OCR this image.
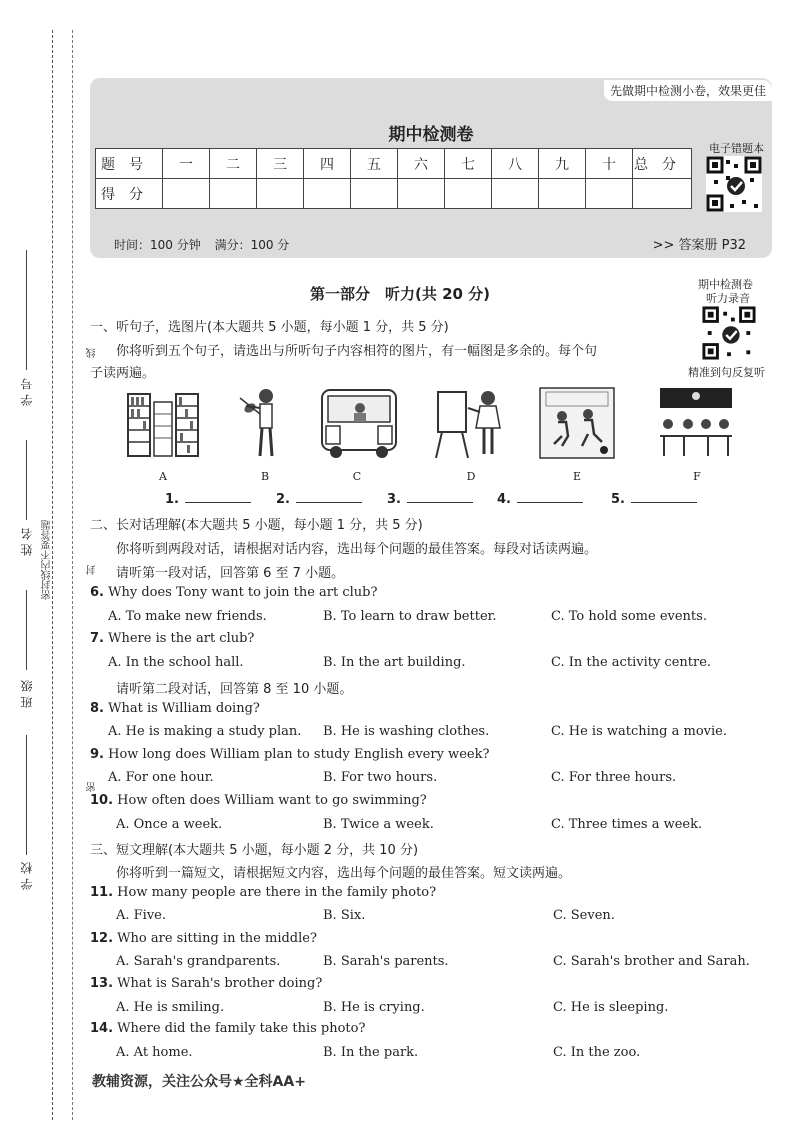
学 号
姓 名
班 级
学 校
密封线内不要答题
线
封
密
期中检测卷
题号	一	二	三	四	五	六	七	八	九	十	总分
得分											
电子错题本
时间：100 分钟 满分：100 分	>> 答案册 P32
先做期中检测小卷，效果更佳
第一部分　听力(共 20 分)
期中检测卷
听力录音
精准到句反复听
一、听句子，选图片(本大题共 5 小题，每小题 1 分，共 5 分)
你将听到五个句子，请选出与所听句子内容相符的图片，有一幅图是多余的。每个句
子读两遍。
A	B	C	D	E	F
1.	2.	3.	4.	5.
二、长对话理解(本大题共 5 小题，每小题 1 分，共 5 分)
你将听到两段对话，请根据对话内容，选出每个问题的最佳答案。每段对话读两遍。
请听第一段对话，回答第 6 至 7 小题。
6. Why does Tony want to join the art club?
A. To make new friends.	B. To learn to draw better.	C. To hold some events.
7. Where is the art club?
A. In the school hall.	B. In the art building.	C. In the activity centre.
请听第二段对话，回答第 8 至 10 小题。
8. What is William doing?
A. He is making a study plan. B. He is washing clothes.	C. He is watching a movie.
9. How long does William plan to study English every week?
A. For one hour.	B. For two hours.	C. For three hours.
10. How often does William want to go swimming?
A. Once a week.	B. Twice a week.	C. Three times a week.
三、短文理解(本大题共 5 小题，每小题 2 分，共 10 分)
你将听到一篇短文，请根据短文内容，选出每个问题的最佳答案。短文读两遍。
11. How many people are there in the family photo?
A. Five.	B. Six.	C. Seven.
12. Who are sitting in the middle?
A. Sarah's grandparents.	B. Sarah's parents.	C. Sarah's brother and Sarah.
13. What is Sarah's brother doing?
A. He is smiling.	B. He is crying.	C. He is sleeping.
14. Where did the family take this photo?
A. At home.	B. In the park.	C. In the zoo.
教辅资源，关注公众号★全科AA+
